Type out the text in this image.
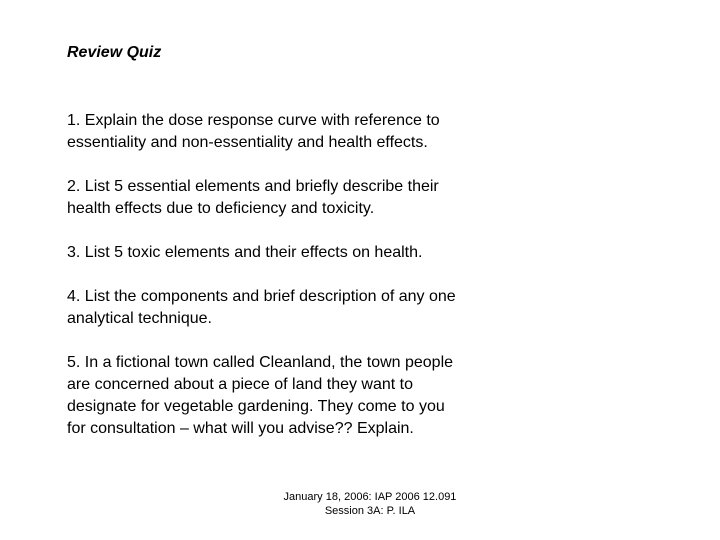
Review Quiz
1. Explain the dose response curve with reference to
essentiality and non-essentiality and health effects.
2. List 5 essential elements and briefly describe their
health effects due to deficiency and toxicity.
3. List 5 toxic elements and their effects on health.
4. List the components and brief description of any one
analytical technique.
5. In a fictional town called Cleanland, the town people
are concerned about a piece of land they want to
designate for vegetable gardening. They come to you
for consultation – what will you advise?? Explain.
January 18, 2006: IAP 2006 12.091
Session 3A: P. ILA
